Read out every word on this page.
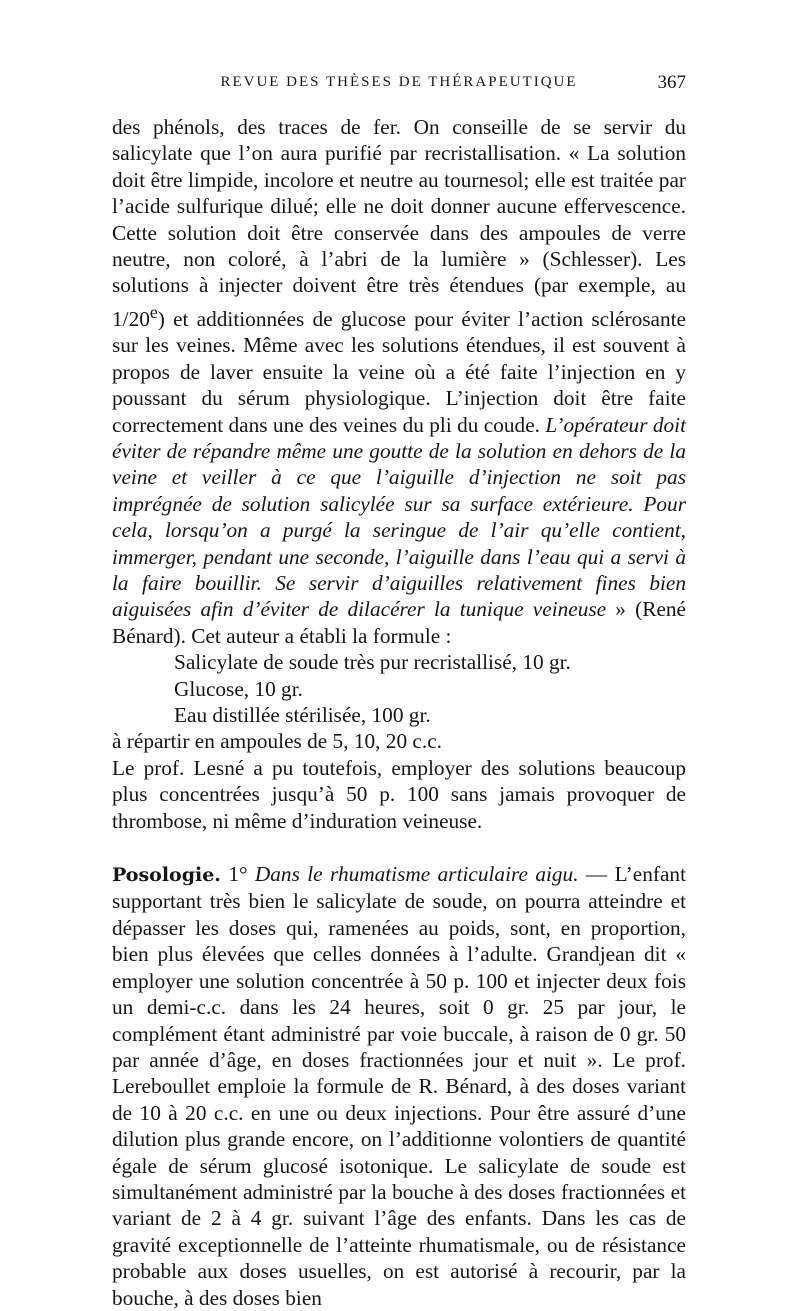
REVUE DES THÈSES DE THÉRAPEUTIQUE	367

des phénols, des traces de fer. On conseille de se servir du salicylate que l’on aura purifié par recristallisation. « La solution doit être limpide, incolore et neutre au tournesol; elle est traitée par l’acide sulfurique dilué; elle ne doit donner aucune effervescence. Cette solution doit être conservée dans des ampoules de verre neutre, non coloré, à l’abri de la lumière » (Schlesser). Les solutions à injecter doivent être très étendues (par exemple, au 1/20e) et additionnées de glucose pour éviter l’action sclérosante sur les veines. Même avec les solutions étendues, il est souvent à propos de laver ensuite la veine où a été faite l’injection en y poussant du sérum physiologique. L’injection doit être faite correctement dans une des veines du pli du coude. L’opérateur doit éviter de répandre même une goutte de la solution en dehors de la veine et veiller à ce que l’aiguille d’injection ne soit pas imprégnée de solution salicylée sur sa surface extérieure. Pour cela, lorsqu’on a purgé la seringue de l’air qu’elle contient, immerger, pendant une seconde, l’aiguille dans l’eau qui a servi à la faire bouillir. Se servir d’aiguilles relativement fines bien aiguisées afin d’éviter de dilacérer la tunique veineuse » (René Bénard). Cet auteur a établi la formule :

Salicylate de soude très pur recristallisé, 10 gr.
Glucose, 10 gr.
Eau distillée stérilisée, 100 gr.
à répartir en ampoules de 5, 10, 20 c.c.

Le prof. Lesné a pu toutefois, employer des solutions beaucoup plus concentrées jusqu’à 50 p. 100 sans jamais provoquer de thrombose, ni même d’induration veineuse.

Posologie. 1° Dans le rhumatisme articulaire aigu. — L’enfant supportant très bien le salicylate de soude, on pourra atteindre et dépasser les doses qui, ramenées au poids, sont, en proportion, bien plus élevées que celles données à l’adulte. Grandjean dit « employer une solution concentrée à 50 p. 100 et injecter deux fois un demi-c.c. dans les 24 heures, soit 0 gr. 25 par jour, le complément étant administré par voie buccale, à raison de 0 gr. 50 par année d’âge, en doses fractionnées jour et nuit ». Le prof. Lereboullet emploie la formule de R. Bénard, à des doses variant de 10 à 20 c.c. en une ou deux injections. Pour être assuré d’une dilution plus grande encore, on l’additionne volontiers de quantité égale de sérum glucosé isotonique. Le salicylate de soude est simultanément administré par la bouche à des doses fractionnées et variant de 2 à 4 gr. suivant l’âge des enfants. Dans les cas de gravité exceptionnelle de l’atteinte rhumatismale, ou de résistance probable aux doses usuelles, on est autorisé à recourir, par la bouche, à des doses bien
